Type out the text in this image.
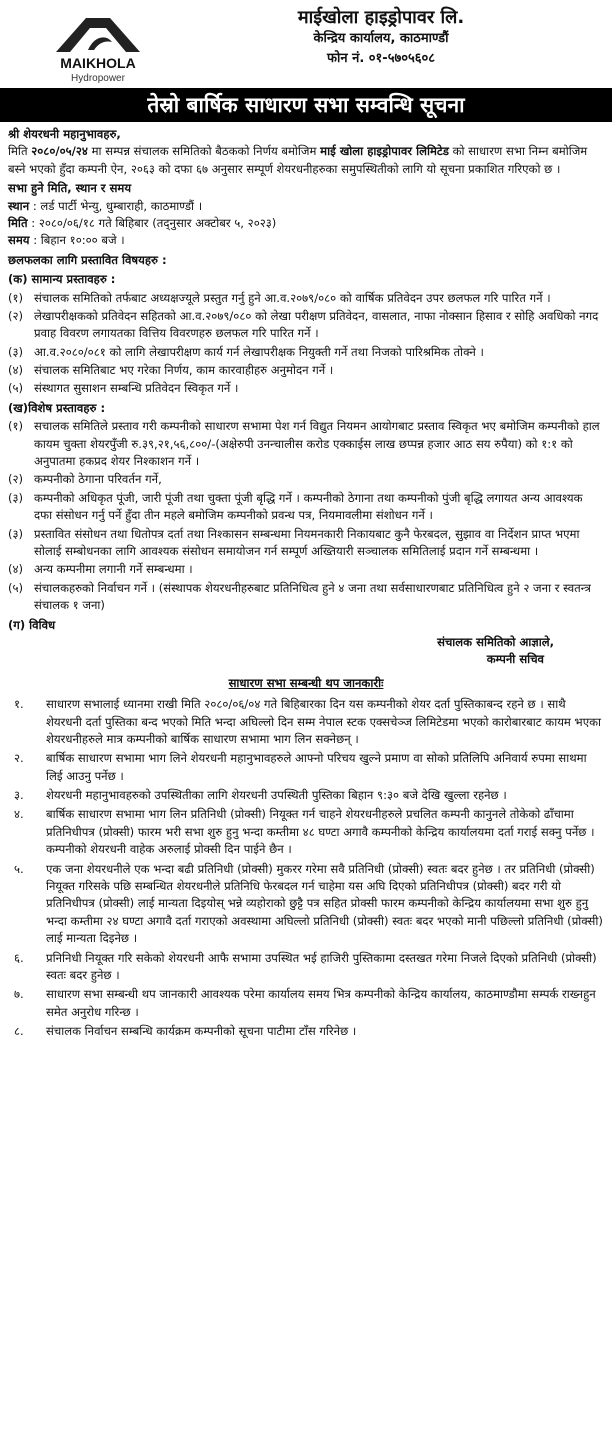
MAIKHOLA
Hydropower
माईखोला हाइड्रोपावर लि.
केन्द्रिय कार्यालय, काठमाण्डौं
फोन नं. ०१-५७०५६०८
तेस्रो बार्षिक साधारण सभा सम्वन्धि सूचना

श्री शेयरधनी महानुभावहरु,

मिति २०८०/०५/२४ मा सम्पन्न संचालक समितिको बैठकको निर्णय बमोजिम माई खोला हाइड्रोपावर लिमिटेड को साधारण सभा निम्न बमोजिम बस्ने भएको हुँदा कम्पनी ऐन, २०६३ को दफा ६७ अनुसार सम्पूर्ण शेयरधनीहरुका समुपस्थितीको लागि यो सूचना प्रकाशित गरिएको छ ।

सभा हुने मिति, स्थान र समय

स्थान : लर्ड पार्टी भेन्यु, धुम्बाराही, काठमाण्डौं ।

मिति : २०८०/०६/१८ गते बिहिबार (तद्नुसार अक्टोबर ५, २०२३)

समय : बिहान १०:०० बजे ।

छलफलका लागि प्रस्तावित विषयहरु :

(क) सामान्य प्रस्तावहरु :

(१) संचालक समितिको तर्फबाट अध्यक्षज्यूले प्रस्तुत गर्नु हुने आ.व.२०७९/०८० को वार्षिक प्रतिवेदन उपर छलफल गरि पारित गर्ने ।
(२) लेखापरीक्षकको प्रतिवेदन सहितको आ.व.२०७९/०८० को लेखा परीक्षण प्रतिवेदन, वासलात, नाफा नोक्सान हिसाव र सोहि अवधिको नगद प्रवाह विवरण लगायतका वित्तिय विवरणहरु छलफल गरि पारित गर्ने ।
(३) आ.व.२०८०/०८१ को लागि लेखापरीक्षण कार्य गर्न लेखापरीक्षक नियुक्ती गर्ने तथा निजको पारिश्रमिक तोक्ने ।
(४) संचालक समितिबाट भए गरेका निर्णय, काम कारवाहीहरु अनुमोदन गर्ने ।
(५) संस्थागत सुसाशन सम्बन्धि प्रतिवेदन स्विकृत गर्ने ।

(ख)विशेष प्रस्तावहरु :

(१) सचालक समितिले प्रस्ताव गरी कम्पनीको साधारण सभामा पेश गर्न विद्युत नियमन आयोगबाट प्रस्ताव स्विकृत भए बमोजिम कम्पनीको हाल कायम चुक्ता शेयरपुँजी रु.३९,२१,५६,८००/-(अक्षेरुपी उनन्चालीस करोड एक्काईस लाख छप्पन्न हजार आठ सय रुपैया) को १:१ को अनुपातमा हकप्रद शेयर निश्काशन गर्ने ।
(२) कम्पनीको ठेगाना परिवर्तन गर्ने,
(३) कम्पनीको अधिकृत पूंजी, जारी पूंजी तथा चुक्ता पूंजी बृद्धि गर्ने । कम्पनीको ठेगाना तथा कम्पनीको पुंजी बृद्धि लगायत अन्य आवश्यक दफा संसोधन गर्नु पर्ने हुँदा तीन महले बमोजिम कम्पनीको प्रवन्ध पत्र, नियमावलीमा संशोधन गर्ने ।
(३) प्रस्तावित संसोधन तथा धितोपत्र दर्ता तथा निश्कासन सम्बन्धमा नियमनकारी निकायबाट कुनै फेरबदल, सुझाव वा निर्देशन प्राप्त भएमा सोलाई सम्बोधनका लागि आवश्यक संसोधन समायोजन गर्न सम्पूर्ण अख्तियारी सञ्चालक समितिलाई प्रदान गर्ने सम्बन्धमा ।
(४) अन्य कम्पनीमा लगानी गर्ने सम्बन्धमा ।
(५) संचालकहरुको निर्वाचन गर्ने । (संस्थापक शेयरधनीहरुबाट प्रतिनिधित्व हुने ४ जना तथा सर्वसाधारणबाट प्रतिनिधित्व हुने २ जना र स्वतन्त्र संचालक १ जना)

(ग) विविध

संचालक समितिको आज्ञाले,

कम्पनी सचिव

साधारण सभा सम्बन्धी थप जानकारीः

१.	साधारण सभालाई ध्यानमा राखी मिति २०८०/०६/०४ गते बिहिबारका दिन यस कम्पनीको शेयर दर्ता पुस्तिकाबन्द रहने छ । साथै शेयरधनी दर्ता पुस्तिका बन्द भएको मिति भन्दा अघिल्लो दिन सम्म नेपाल स्टक एक्सचेञ्ज लिमिटेडमा भएको कारोबारबाट कायम भएका शेयरधनीहरुले मात्र कम्पनीको बार्षिक साधारण सभामा भाग लिन सक्नेछन् ।
२.	बार्षिक साधारण सभामा भाग लिने शेयरधनी महानुभावहरुले आफ्नो परिचय खुल्ने प्रमाण वा सोको प्रतिलिपि अनिवार्य रुपमा साथमा लिई आउनु पर्नेछ ।
३.	शेयरधनी महानुभावहरुको उपस्थितीका लागि शेयरधनी उपस्थिती पुस्तिका बिहान ९:३० बजे देखि खुल्ला रहनेछ ।
४.	बार्षिक साधारण सभामा भाग लिन प्रतिनिधी (प्रोक्सी) नियूक्त गर्न चाहने शेयरधनीहरुले प्रचलित कम्पनी कानुनले तोकेको ढाँचामा प्रतिनिधीपत्र (प्रोक्सी) फारम भरी सभा शुरु हुनु भन्दा कम्तीमा ४८ घण्टा अगावै कम्पनीको केन्द्रिय कार्यालयमा दर्ता गराई सक्नु पर्नेछ । कम्पनीको शेयरधनी वाहेक अरुलाई प्रोक्सी दिन पाईने छैन ।
५.	एक जना शेयरधनीले एक भन्दा बढी प्रतिनिधी (प्रोक्सी) मुकरर गरेमा सवै प्रतिनिधी (प्रोक्सी) स्वतः बदर हुनेछ । तर प्रतिनिधी (प्रोक्सी) नियूक्त गरिसके पछि सम्बन्धित शेयरधनीले प्रतिनिधि फेरबदल गर्न चाहेमा यस अघि दिएको प्रतिनिधीपत्र (प्रोक्सी) बदर गरी यो प्रतिनिधीपत्र (प्रोक्सी) लाई मान्यता दिइयोस् भन्ने व्यहोराको छुट्टै पत्र सहित प्रोक्सी फारम कम्पनीको केन्द्रिय कार्यालयमा सभा शुरु हुनु भन्दा कम्तीमा २४ घण्टा अगावै दर्ता गराएको अवस्थामा अघिल्लो प्रतिनिधी (प्रोक्सी) स्वतः बदर भएको मानी पछिल्लो प्रतिनिधी (प्रोक्सी) लाई मान्यता दिइनेछ ।
६.	प्रनिनिधी नियूक्त गरि सकेको शेयरधनी आफै सभामा उपस्थित भई हाजिरी पुस्तिकामा दस्तखत गरेमा निजले दिएको प्रतिनिधी (प्रोक्सी) स्वतः बदर हुनेछ ।
७.	साधारण सभा सम्बन्धी थप जानकारी आवश्यक परेमा कार्यालय समय भित्र कम्पनीको केन्द्रिय कार्यालय, काठमाण्डौमा सम्पर्क राख्नहुन समेत अनुरोध गरिन्छ ।
८.	संचालक निर्वाचन सम्बन्धि कार्यक्रम कम्पनीको सूचना पाटीमा टाँस गरिनेछ ।
